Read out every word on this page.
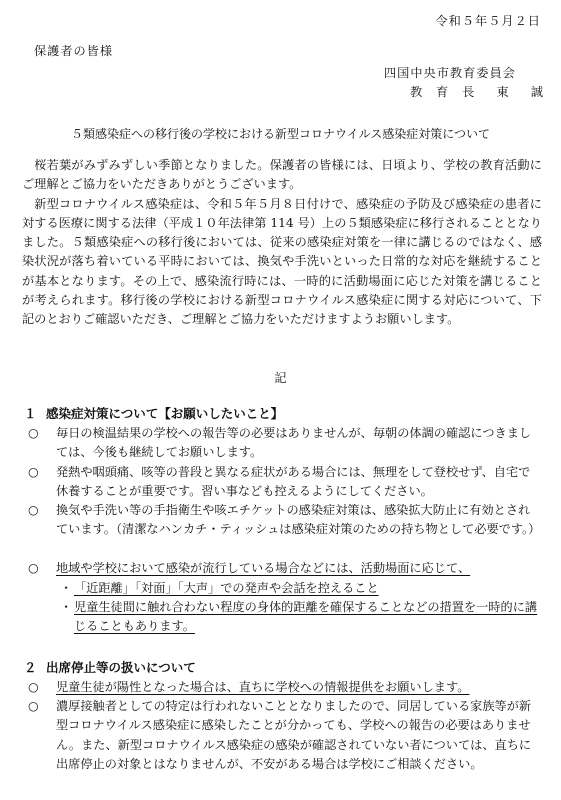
令和５年５月２日
保護者の皆様
四国中央市教育委員会
教 育 長　東　誠
５類感染症への移行後の学校における新型コロナウイルス感染症対策について

桜若葉がみずみずしい季節となりました。保護者の皆様には、日頃より、学校の教育活動にご理解とご協力をいただきありがとうございます。

新型コロナウイルス感染症は、令和５年５月８日付けで、感染症の予防及び感染症の患者に対する医療に関する法律（平成１０年法律第 114 号）上の５類感染症に移行されることとなりました。５類感染症への移行後においては、従来の感染症対策を一律に講じるのではなく、感染状況が落ち着いている平時においては、換気や手洗いといった日常的な対応を継続することが基本となります。その上で、感染流行時には、一時的に活動場面に応じた対策を講じることが考えられます。移行後の学校における新型コロナウイルス感染症に関する対応について、下記のとおりご確認いただき、ご理解とご協力をいただけますようお願いします。

記
１ 感染症対策について【お願いしたいこと】
○	毎日の検温結果の学校への報告等の必要はありませんが、毎朝の体調の確認につきましては、今後も継続してお願いします。

○	発熱や咽頭痛、咳等の普段と異なる症状がある場合には、無理をして登校せず、自宅で休養することが重要です。習い事なども控えるようにしてください。

○	換気や手洗い等の手指衛生や咳エチケットの感染症対策は、感染拡大防止に有効とされています。（清潔なハンカチ・ティッシュは感染症対策のための持ち物として必要です。）

○	地域や学校において感染が流行している場合などには、活動場面に応じて、

・ 「近距離」「対面」「大声」での発声や会話を控えること

・ 児童生徒間に触れ合わない程度の身体的距離を確保することなどの措置を一時的に講じることもあります。

２ 出席停止等の扱いについて
○	児童生徒が陽性となった場合は、直ちに学校への情報提供をお願いします。

○	濃厚接触者としての特定は行われないこととなりましたので、同居している家族等が新型コロナウイルス感染症に感染したことが分かっても、学校への報告の必要はありません。また、新型コロナウイルス感染症の感染が確認されていない者については、直ちに出席停止の対象とはなりませんが、不安がある場合は学校にご相談ください。
